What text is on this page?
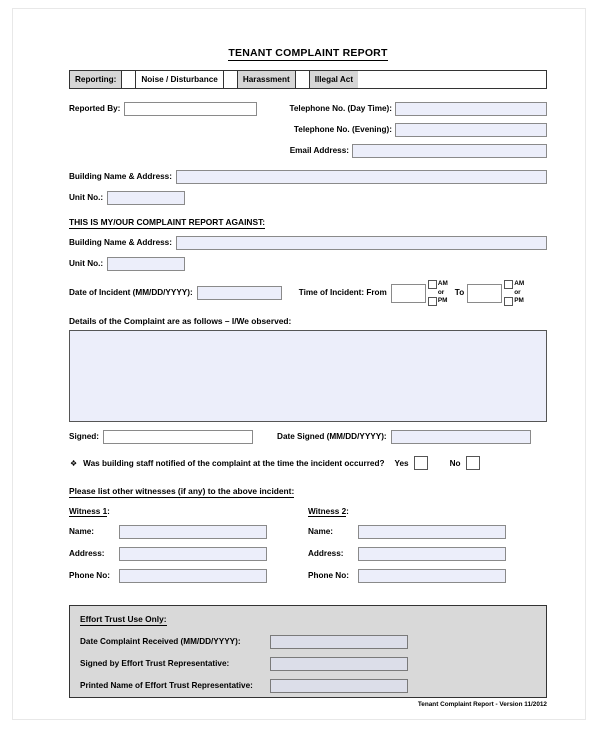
TENANT COMPLAINT REPORT
Reporting:	Noise / Disturbance	Harassment	Illegal Act
Reported By:	Telephone No. (Day Time):
Telephone No. (Evening):
Email Address:
Building Name & Address:
Unit No.:
THIS IS MY/OUR COMPLAINT REPORT AGAINST:
Building Name & Address:
Unit No.:
Date of Incident (MM/DD/YYYY):	Time of Incident: From
AM
or
PM
To
AM
or
PM
Details of the Complaint are as follows – I/We observed:
Signed:	Date Signed (MM/DD/YYYY):
❖ Was building staff notified of the complaint at the time the incident occurred? Yes	No
Please list other witnesses (if any) to the above incident:
Witness 1:
Name:
Address:
Phone No:
Witness 2:
Name:
Address:
Phone No:
Effort Trust Use Only:
Date Complaint Received (MM/DD/YYYY):
Signed by Effort Trust Representative:
Printed Name of Effort Trust Representative:
Tenant Complaint Report - Version 11/2012
